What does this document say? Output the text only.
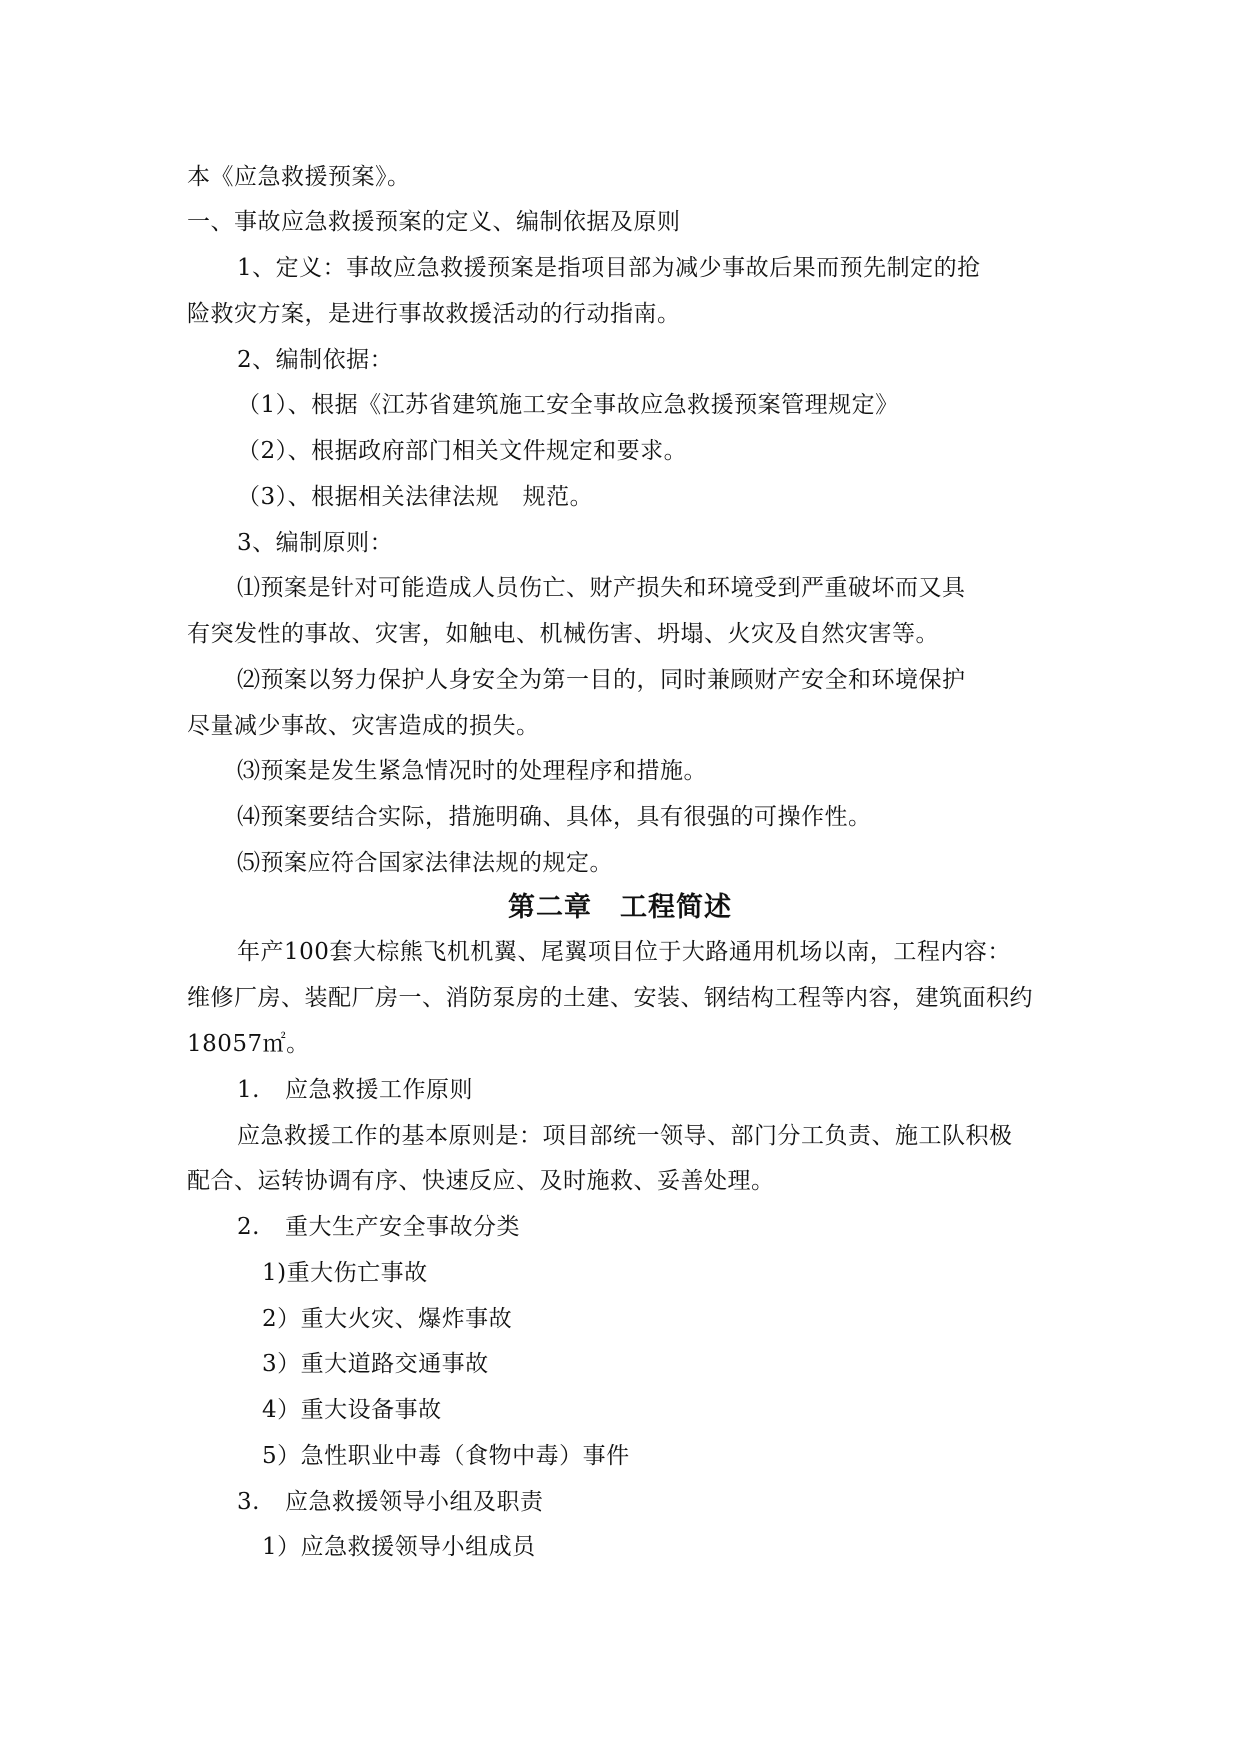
本《应急救援预案》。
一、事故应急救援预案的定义、编制依据及原则
1、定义：事故应急救援预案是指项目部为减少事故后果而预先制定的抢
险救灾方案，是进行事故救援活动的行动指南。
2、编制依据：
（1）、根据《江苏省建筑施工安全事故应急救援预案管理规定》
（2）、根据政府部门相关文件规定和要求。
（3）、根据相关法律法规　规范。
3、编制原则：
⑴预案是针对可能造成人员伤亡、财产损失和环境受到严重破坏而又具
有突发性的事故、灾害，如触电、机械伤害、坍塌、火灾及自然灾害等。
⑵预案以努力保护人身安全为第一目的，同时兼顾财产安全和环境保护
尽量减少事故、灾害造成的损失。
⑶预案是发生紧急情况时的处理程序和措施。
⑷预案要结合实际，措施明确、具体，具有很强的可操作性。
⑸预案应符合国家法律法规的规定。
第二章　工程简述
年产100套大棕熊飞机机翼、尾翼项目位于大路通用机场以南，工程内容：
维修厂房、装配厂房一、消防泵房的土建、安装、钢结构工程等内容，建筑面积约
18057㎡。
1. 应急救援工作原则
应急救援工作的基本原则是：项目部统一领导、部门分工负责、施工队积极
配合、运转协调有序、快速反应、及时施救、妥善处理。
2. 重大生产安全事故分类
1)重大伤亡事故
2）重大火灾、爆炸事故
3）重大道路交通事故
4）重大设备事故
5）急性职业中毒（食物中毒）事件
3. 应急救援领导小组及职责
1）应急救援领导小组成员
